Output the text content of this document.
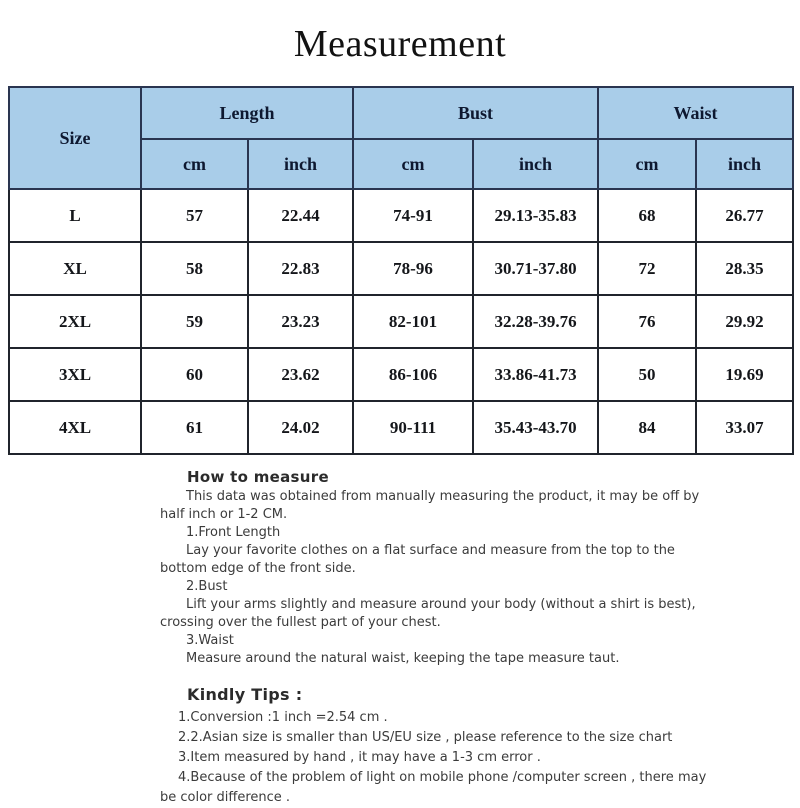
Measurement
Size	Length		Bust		Waist	
	cm	inch	cm	inch	cm	inch
L	57	22.44	74-91	29.13-35.83	68	26.77
XL	58	22.83	78-96	30.71-37.80	72	28.35
2XL	59	23.23	82-101	32.28-39.76	76	29.92
3XL	60	23.62	86-106	33.86-41.73	50	19.69
4XL	61	24.02	90-111	35.43-43.70	84	33.07
How to measure

This data was obtained from manually measuring the product, it may be off by half inch or 1-2 CM.

1.Front Length

Lay your favorite clothes on a flat surface and measure from the top to the bottom edge of the front side.

2.Bust

Lift your arms slightly and measure around your body (without a shirt is best), crossing over the fullest part of your chest.

3.Waist

Measure around the natural waist, keeping the tape measure taut.

Kindly Tips :

1.Conversion :1 inch =2.54 cm .

2.2.Asian size is smaller than US/EU size , please reference to the size chart

3.Item measured by hand , it may have a 1-3 cm error .

4.Because of the problem of light on mobile phone /computer screen , there may be color difference .
